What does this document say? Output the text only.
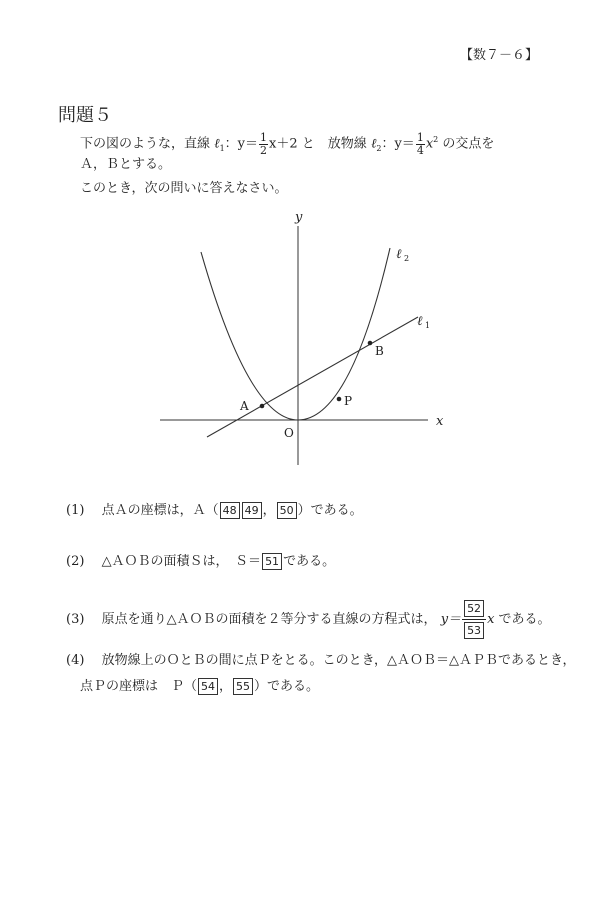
【数７－６】
問題５
下の図のような，直線 ℓ$_1$：$y= \frac{1}{2} x+2$ と　放物線 ℓ$_2$：$y= \frac{1}{4} x^2$ の交点を
Ａ，Ｂとする。
このとき，次の問いに答えなさい。
x
y
O
A
B
P
ℓ 2
ℓ 1
(1)　 点Ａの座標は，Ａ（ 48 49 ， 50 ）である。
(2)　 △ＡＯＢの面積Ｓは，　Ｓ＝ 51 である。
(3)　 原点を通り△ＡＯＢの面積を２等分する直線の方程式は， $y= \frac{52}{53}$ x である。
(4)　 放物線上のＯとＢの間に点Ｐをとる。このとき，△ＡＯＢ＝△ＡＰＢであるとき，
点Ｐの座標は　Ｐ（ 54 ， 55 ）である。
